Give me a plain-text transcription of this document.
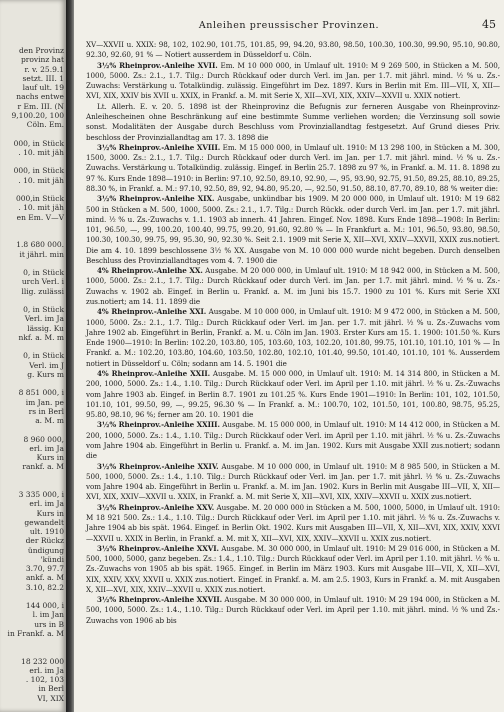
den Provinz
provinz hat
r. v. 25.9.1
setzt. III. 1
lauf ult. 19
nachs entwe
r Em. III. (N
9,100.20, 100
Cöln. Em.
000, in Stück
. 10. mit jäh
000, in Stück
. 10. mit jäh
000,in Stück
. 10. mit jäh
en Em. V—V
1.8 680 000.
it jährl. min
0, in Stück
urch Verl. i
llig. zulässi
0, in Stück
Verl. im Ja
lässig. Ku
nkf. a. M. m
0, in Stück
Verl. im J
g. Kurs m
8 851 000, i
im Jan. pe
rs in Berl
a. M. m
8 960 000,
erl. im Ja
Kurs in
rankf. a. M
3 335 000, i
erl. im Ja
Kurs in
gewandelt
ult. 1910
der Rückz
ündigung
'kündi
3.70, 97.7
ankf. a. M
3.10, 82.2
144 000, i
l. im Jan
urs in B
in Frankf. a. M
18 232 000
erl. im Ja
. 102, 103
in Berl
VI, XIX
Anleihen preussischer Provinzen.	45

XV—XXVII u. XXIX: 98, 102, 102.90, 101.75, 101.85, 99, 94.20, 93.80, 98.50, 100.30, 100.30, 99.90, 95.10, 90.80, 92.30, 92.60, 91 % — Notiert ausserdem in Düsseldorf u. Cöln.

3½% Rheinprov.-Anleihe XVII. Em. M 10 000 000, in Umlauf ult. 1910: M 9 269 500, in Stücken a M. 500, 1000, 5000. Zs.: 2.1., 1.7. Tilg.: Durch Rückkauf oder durch Verl. im Jan. per 1.7. mit jährl. mind. ½ % u. Zs.-Zuwachs: Verstärkung u. Totalkündig. zulässig. Eingeführt im Dez. 1897. Kurs in Berlin mit Em. III—VII, X, XII—XVI, XIX, XXIV bis XVII u. XXIX, in Frankf. a. M. mit Serie X, XII—XVI, XIX, XXIV—XXVII u. XXIX notiert.

Lt. Allerh. E. v. 20. 5. 1898 ist der Rheinprovinz die Befugnis zur ferneren Ausgabe von Rheinprovinz-Anleihescheinen ohne Beschränkung auf eine bestimmte Summe verliehen worden; die Verzinsung soll sowie sonst. Modalitäten der Ausgabe durch Beschluss vom Provinziallandtag festgesetzt. Auf Grund dieses Priv. beschloss der Provinziallandtag am 17. 3. 1898 die

3½% Rheinprov.-Anleihe XVIII. Em. M 15 000 000, in Umlauf ult. 1910: M 13 298 100, in Stücken a M. 300, 1500, 3000. Zs.: 2.1., 1.7. Tilg.: Durch Rückkauf oder durch Verl. im Jan. per 1.7. mit jährl. mind. ½ % u. Zs.-Zuwachs. Verstärkung u. Totalkündig. zulässig. Eingef. in Berlin 25.7. 1898 zu 97 %, in Frankf. a. M. 11. 8. 1898 zu 97 %. Kurs Ende 1898—1910: in Berlin: 97.10, 92.50, 89.10, 92.90, —, 95, 93.90, 92.75, 91.50, 89.25, 88.10, 89.25, 88.30 %, in Frankf. a. M.: 97.10, 92.50, 89, 92, 94.80, 95.20, —, 92.50, 91.50, 88.10, 87.70, 89.10, 88 % weiter die:

3½% Rheinprov.-Anleihe XIX. Ausgabe, unkündbar bis 1909. M 20 000 000, in Umlauf ult. 1910: M 19 682 500 in Stücken a M. 500, 1000, 5000. Zs.: 2.1., 1.7. Tilg.: Durch Rückk. oder durch Verl. im Jan. per 1.7. mit jährl. mind. ½ % u. Zs.-Zuwachs v. 1.1. 1903 ab innerh. 41 Jahren. Eingef. Nov. 1898. Kurs Ende 1898—1908: In Berlin: 101, 96.50, —, 99, 100.20, 100.40, 99.75, 99.20, 91.60, 92.80 % — In Frankfurt a. M.: 101, 96.50, 93.80, 98.50, 100.30, 100.30, 99.75, 99, 95.30, 90, 92.30 %. Seit 2.1. 1909 mit Serie X, XII—XVI, XXIV—XXVII, XXIX zus.notiert. Die am 4. 10. 1899 beschlossene 3½ % XX. Ausgabe von M. 10 000 000 wurde nicht begeben. Durch denselben Beschluss des Provinziallandtages vom 4. 7. 1900 die

4% Rheinprov.-Anleihe XX. Ausgabe. M 20 000 000, in Umlauf ult. 1910: M 18 942 000, in Stücken a M. 500, 1000, 5000. Zs.: 2.1., 1.7. Tilg.: Durch Rückkauf oder durch Verl. im Jan. per 1.7. mit jährl. mind. ½ % u. Zs.-Zuwachs v. 1902 ab. Eingef. in Berlin u. Frankf. a. M. im Juni bis 15.7. 1900 zu 101 %. Kurs mit Serie XXI zus.notiert; am 14. 11. 1899 die

4% Rheinprov.-Anleihe XXI. Ausgabe. M 10 000 000, in Umlauf ult. 1910: M 9 472 000, in Stücken a M. 500, 1000, 5000. Zs.: 2.1., 1.7. Tilg.: Durch Rückkauf oder Verl. im Jan. per 1.7. mit jährl. ½ % u. Zs.-Zuwachs vom Jahre 1902 ab. Eingeführt in Berlin, Frankf. a. M. u. Cöln im Jan. 1903. Erster Kurs am 15. 1. 1900: 101.50 %. Kurs Ende 1900—1910: In Berlin: 102.20, 103.80, 105, 103.60, 103, 102.20, 101.80, 99.75, 101.10, 101.10, 101 % — In Frankf. a. M.: 102.20, 103.80, 104.60, 103.50, 102.80, 102.10, 101.40, 99.50, 101.40, 101.10, 101 %. Ausserdem notiert in Düsseldorf u. Cöln; sodann am 14. 5. 1901 die

4% Rheinprov.-Anleihe XXII. Ausgabe. M. 15 000 000, in Umlauf ult. 1910: M. 14 314 800, in Stücken a M. 200, 1000, 5000. Zs.: 1.4., 1.10. Tilg.: Durch Rückkauf oder Verl. im April per 1.10. mit jährl. ½ % u. Zs.-Zuwachs vom Jahre 1903 ab. Eingef. in Berlin 8.7. 1901 zu 101.25 %. Kurs Ende 1901—1910: In Berlin: 101, 102, 101.50, 101.10, 101, 99.50, 99, —, 99.25, 96.30 % — In Frankf. a. M.: 100.70, 102, 101.50, 101, 100.80, 98.75, 95.25, 95.80, 98.10, 96 %; ferner am 20. 10. 1901 die

3½% Rheinprov.-Anleihe XXIII. Ausgabe. M. 15 000 000, in Umlauf ult. 1910: M 14 412 000, in Stücken a M. 200, 1000, 5000. Zs.: 1.4., 1.10. Tilg.: Durch Rückkauf oder Verl. im April per 1.10. mit jährl. ½ % u. Zs.-Zuwachs vom Jahre 1904 ab. Eingeführt in Berlin u. Frankf. a. M. im Jan. 1902. Kurs mit Ausgabe XXII zus.notiert; sodann die

3½% Rheinprov.-Anleihe XXIV. Ausgabe. M 10 000 000, in Umlauf ult. 1910: M 8 985 500, in Stücken a M. 500, 1000, 5000. Zs.: 1.4., 1.10. Tilg.: Durch Rückkauf oder Verl. im Jan. per 1.7. mit jährl. ½ % u. Zs.-Zuwachs vom Jahre 1904 ab. Eingeführt in Berlin u. Frankf. a. M. im Jan. 1902. Kurs in Berlin mit Ausgabe III—VII, X, XII—XVI, XIX, XXIV—XXVII u. XXIX, in Frankf. a. M. mit Serie X, XII—XVI, XIX, XXIV—XXVII u. XXIX zus.notiert.

3½% Rheinprov.-Anleihe XXV. Ausgabe. M. 20 000 000 in Stücken a M. 500, 1000, 5000, in Umlauf ult. 1910: M 18 921 500. Zs.: 1.4., 1.10. Tilg.: Durch Rückkauf oder Verl. im April per 1.10. mit jährl. ½ % u. Zs.-Zuwachs v. Jahre 1904 ab bis spät. 1964. Eingef. in Berlin Okt. 1902. Kurs mit Ausgaben III—VII, X, XII—XVI, XIX, XXIV, XXVI—XXVII u. XXIX in Berlin, in Frankf. a. M. mit X, XII—XVI, XIX, XXIV—XXVII u. XXIX zus.notiert.

3½% Rheinprov.-Anleihe XXVI. Ausgabe. M. 30 000 000, in Umlauf ult. 1910: M 29 016 000, in Stücken a M. 500, 1000, 5000, ganz begeben. Zs.: 1.4., 1.10. Tilg.: Durch Rückkauf oder Verl. im April per 1.10. mit jährl. ½ % u. Zs.-Zuwachs von 1905 ab bis spät. 1965. Eingef. in Berlin im März 1903. Kurs mit Ausgabe III—VII, X, XII—XVI, XIX, XXIV, XXV, XXVII u. XXIX zus.notiert. Eingef. in Frankf. a. M. am 2.5. 1903, Kurs in Frankf. a. M. mit Ausgaben X, XII—XVI, XIX, XXIV—XXVII u. XXIX zus.notiert.

3½% Rheinprov.-Anleihe XXVII. Ausgabe. M 30 000 000, in Umlauf ult. 1910: M 29 194 000, in Stücken a M. 500, 1000, 5000. Zs.: 1.4., 1.10. Tilg.: Durch Rückkauf oder Verl. im April per 1.10. mit jährl. mind. ½ % und Zs.-Zuwachs von 1906 ab bis
